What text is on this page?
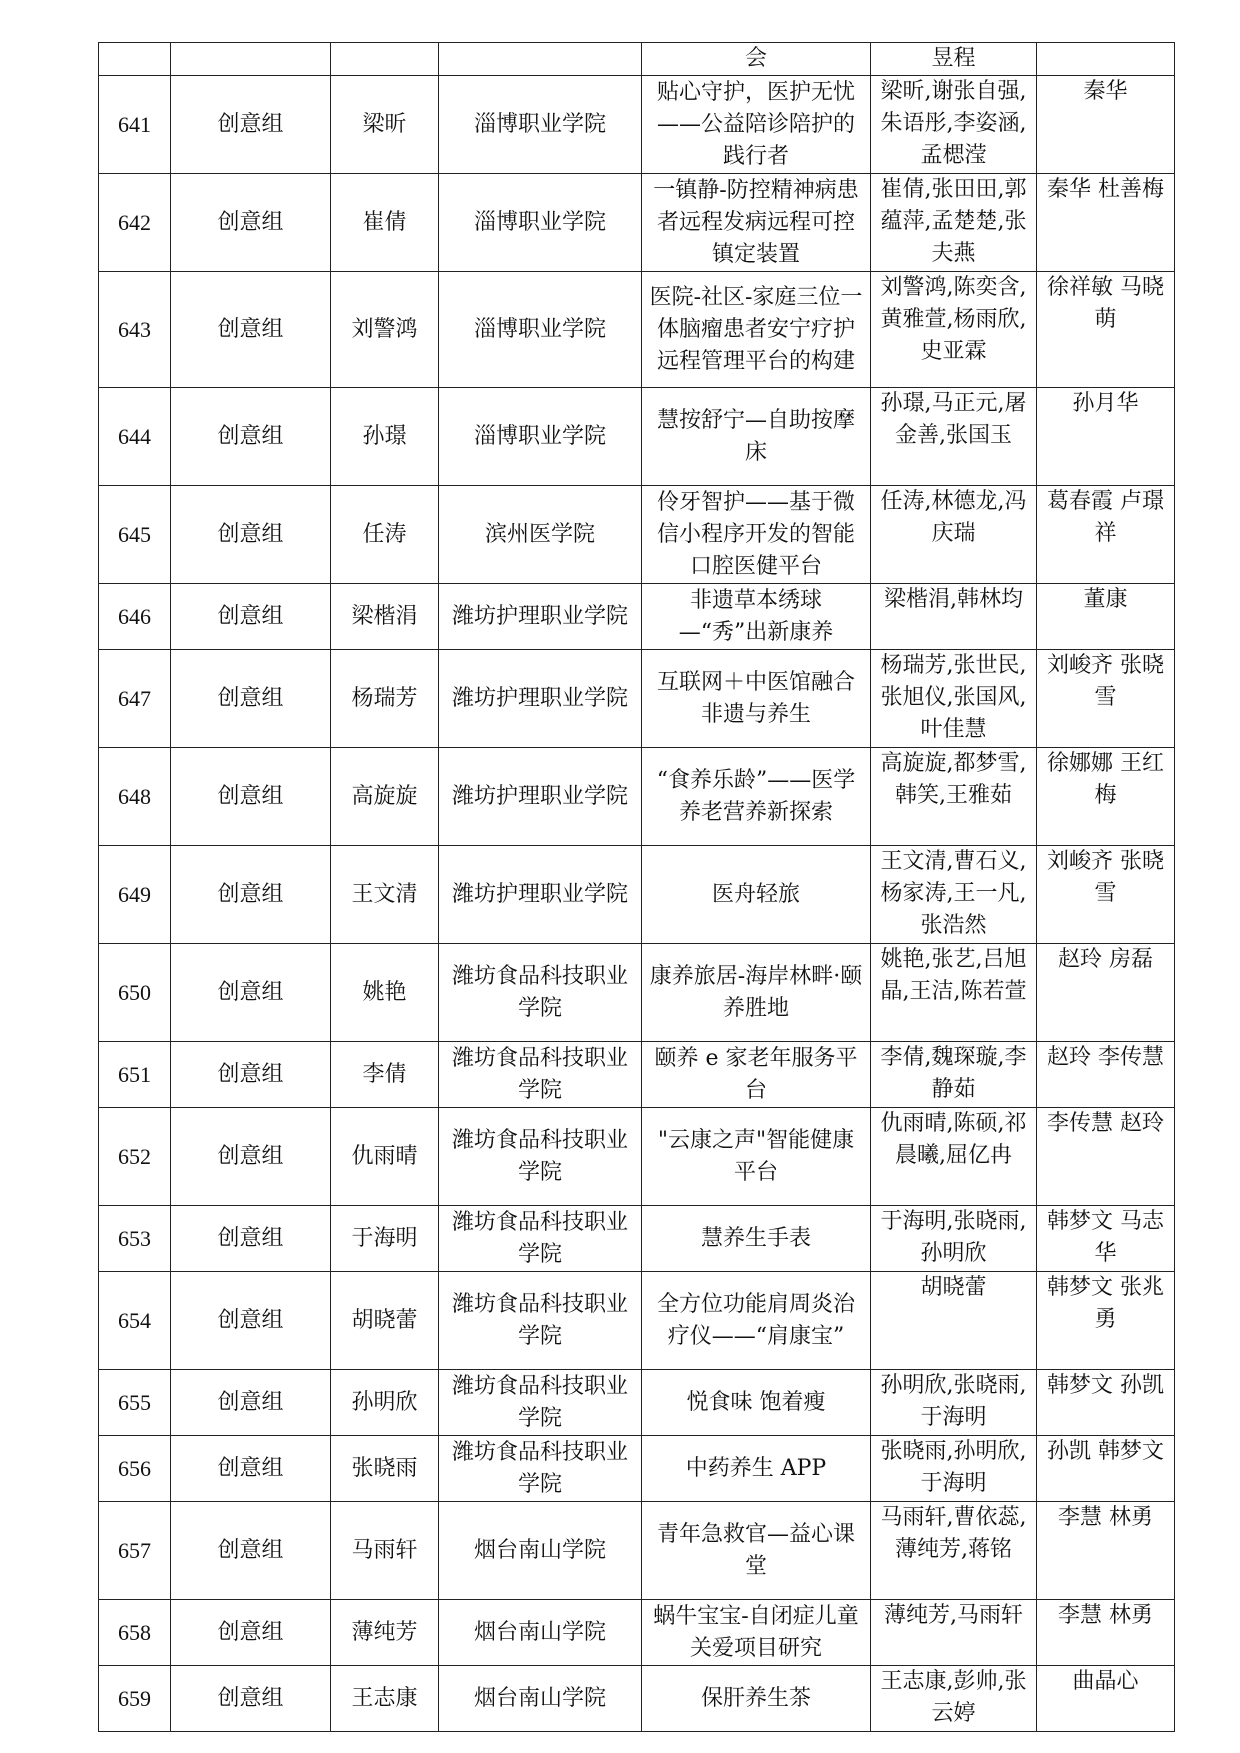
				会	昱程	
641	创意组	梁昕	淄博职业学院	贴心守护，医护无忧——公益陪诊陪护的践行者	梁昕,谢张自强,朱语彤,李姿涵,孟楒滢	秦华
642	创意组	崔倩	淄博职业学院	一镇静-防控精神病患者远程发病远程可控镇定装置	崔倩,张田田,郭蕴萍,孟楚楚,张夫燕	秦华 杜善梅
643	创意组	刘警鸿	淄博职业学院	医院-社区-家庭三位一体脑瘤患者安宁疗护远程管理平台的构建	刘警鸿,陈奕含,黄雅萱,杨雨欣,史亚霖	徐祥敏 马晓萌
644	创意组	孙璟	淄博职业学院	慧按舒宁—自助按摩床	孙璟,马正元,屠金善,张国玉	孙月华
645	创意组	任涛	滨州医学院	伶牙智护——基于微信小程序开发的智能口腔医健平台	任涛,林德龙,冯庆瑞	葛春霞 卢璟祥
646	创意组	梁楷涓	潍坊护理职业学院	非遗草本绣球—“秀”出新康养	梁楷涓,韩林均	董康
647	创意组	杨瑞芳	潍坊护理职业学院	互联网＋中医馆融合非遗与养生	杨瑞芳,张世民,张旭仪,张国风,叶佳慧	刘峻齐 张晓雪
648	创意组	高旋旋	潍坊护理职业学院	“食养乐龄”——医学养老营养新探索	高旋旋,都梦雪,韩笑,王雅茹	徐娜娜 王红梅
649	创意组	王文清	潍坊护理职业学院	医舟轻旅	王文清,曹石义,杨家涛,王一凡,张浩然	刘峻齐 张晓雪
650	创意组	姚艳	潍坊食品科技职业学院	康养旅居-海岸林畔·颐养胜地	姚艳,张艺,吕旭晶,王洁,陈若萱	赵玲 房磊
651	创意组	李倩	潍坊食品科技职业学院	颐养 e 家老年服务平台	李倩,魏琛璇,李静茹	赵玲 李传慧
652	创意组	仇雨晴	潍坊食品科技职业学院	"云康之声"智能健康平台	仇雨晴,陈硕,祁晨曦,屈亿冉	李传慧 赵玲
653	创意组	于海明	潍坊食品科技职业学院	慧养生手表	于海明,张晓雨,孙明欣	韩梦文 马志华
654	创意组	胡晓蕾	潍坊食品科技职业学院	全方位功能肩周炎治疗仪——“肩康宝”	胡晓蕾	韩梦文 张兆勇
655	创意组	孙明欣	潍坊食品科技职业学院	悦食味 饱着瘦	孙明欣,张晓雨,于海明	韩梦文 孙凯
656	创意组	张晓雨	潍坊食品科技职业学院	中药养生 APP	张晓雨,孙明欣,于海明	孙凯 韩梦文
657	创意组	马雨轩	烟台南山学院	青年急救官—益心课堂	马雨轩,曹依蕊,薄纯芳,蒋铭	李慧 林勇
658	创意组	薄纯芳	烟台南山学院	蜗牛宝宝-自闭症儿童关爱项目研究	薄纯芳,马雨轩	李慧 林勇
659	创意组	王志康	烟台南山学院	保肝养生茶	王志康,彭帅,张云婷	曲晶心
